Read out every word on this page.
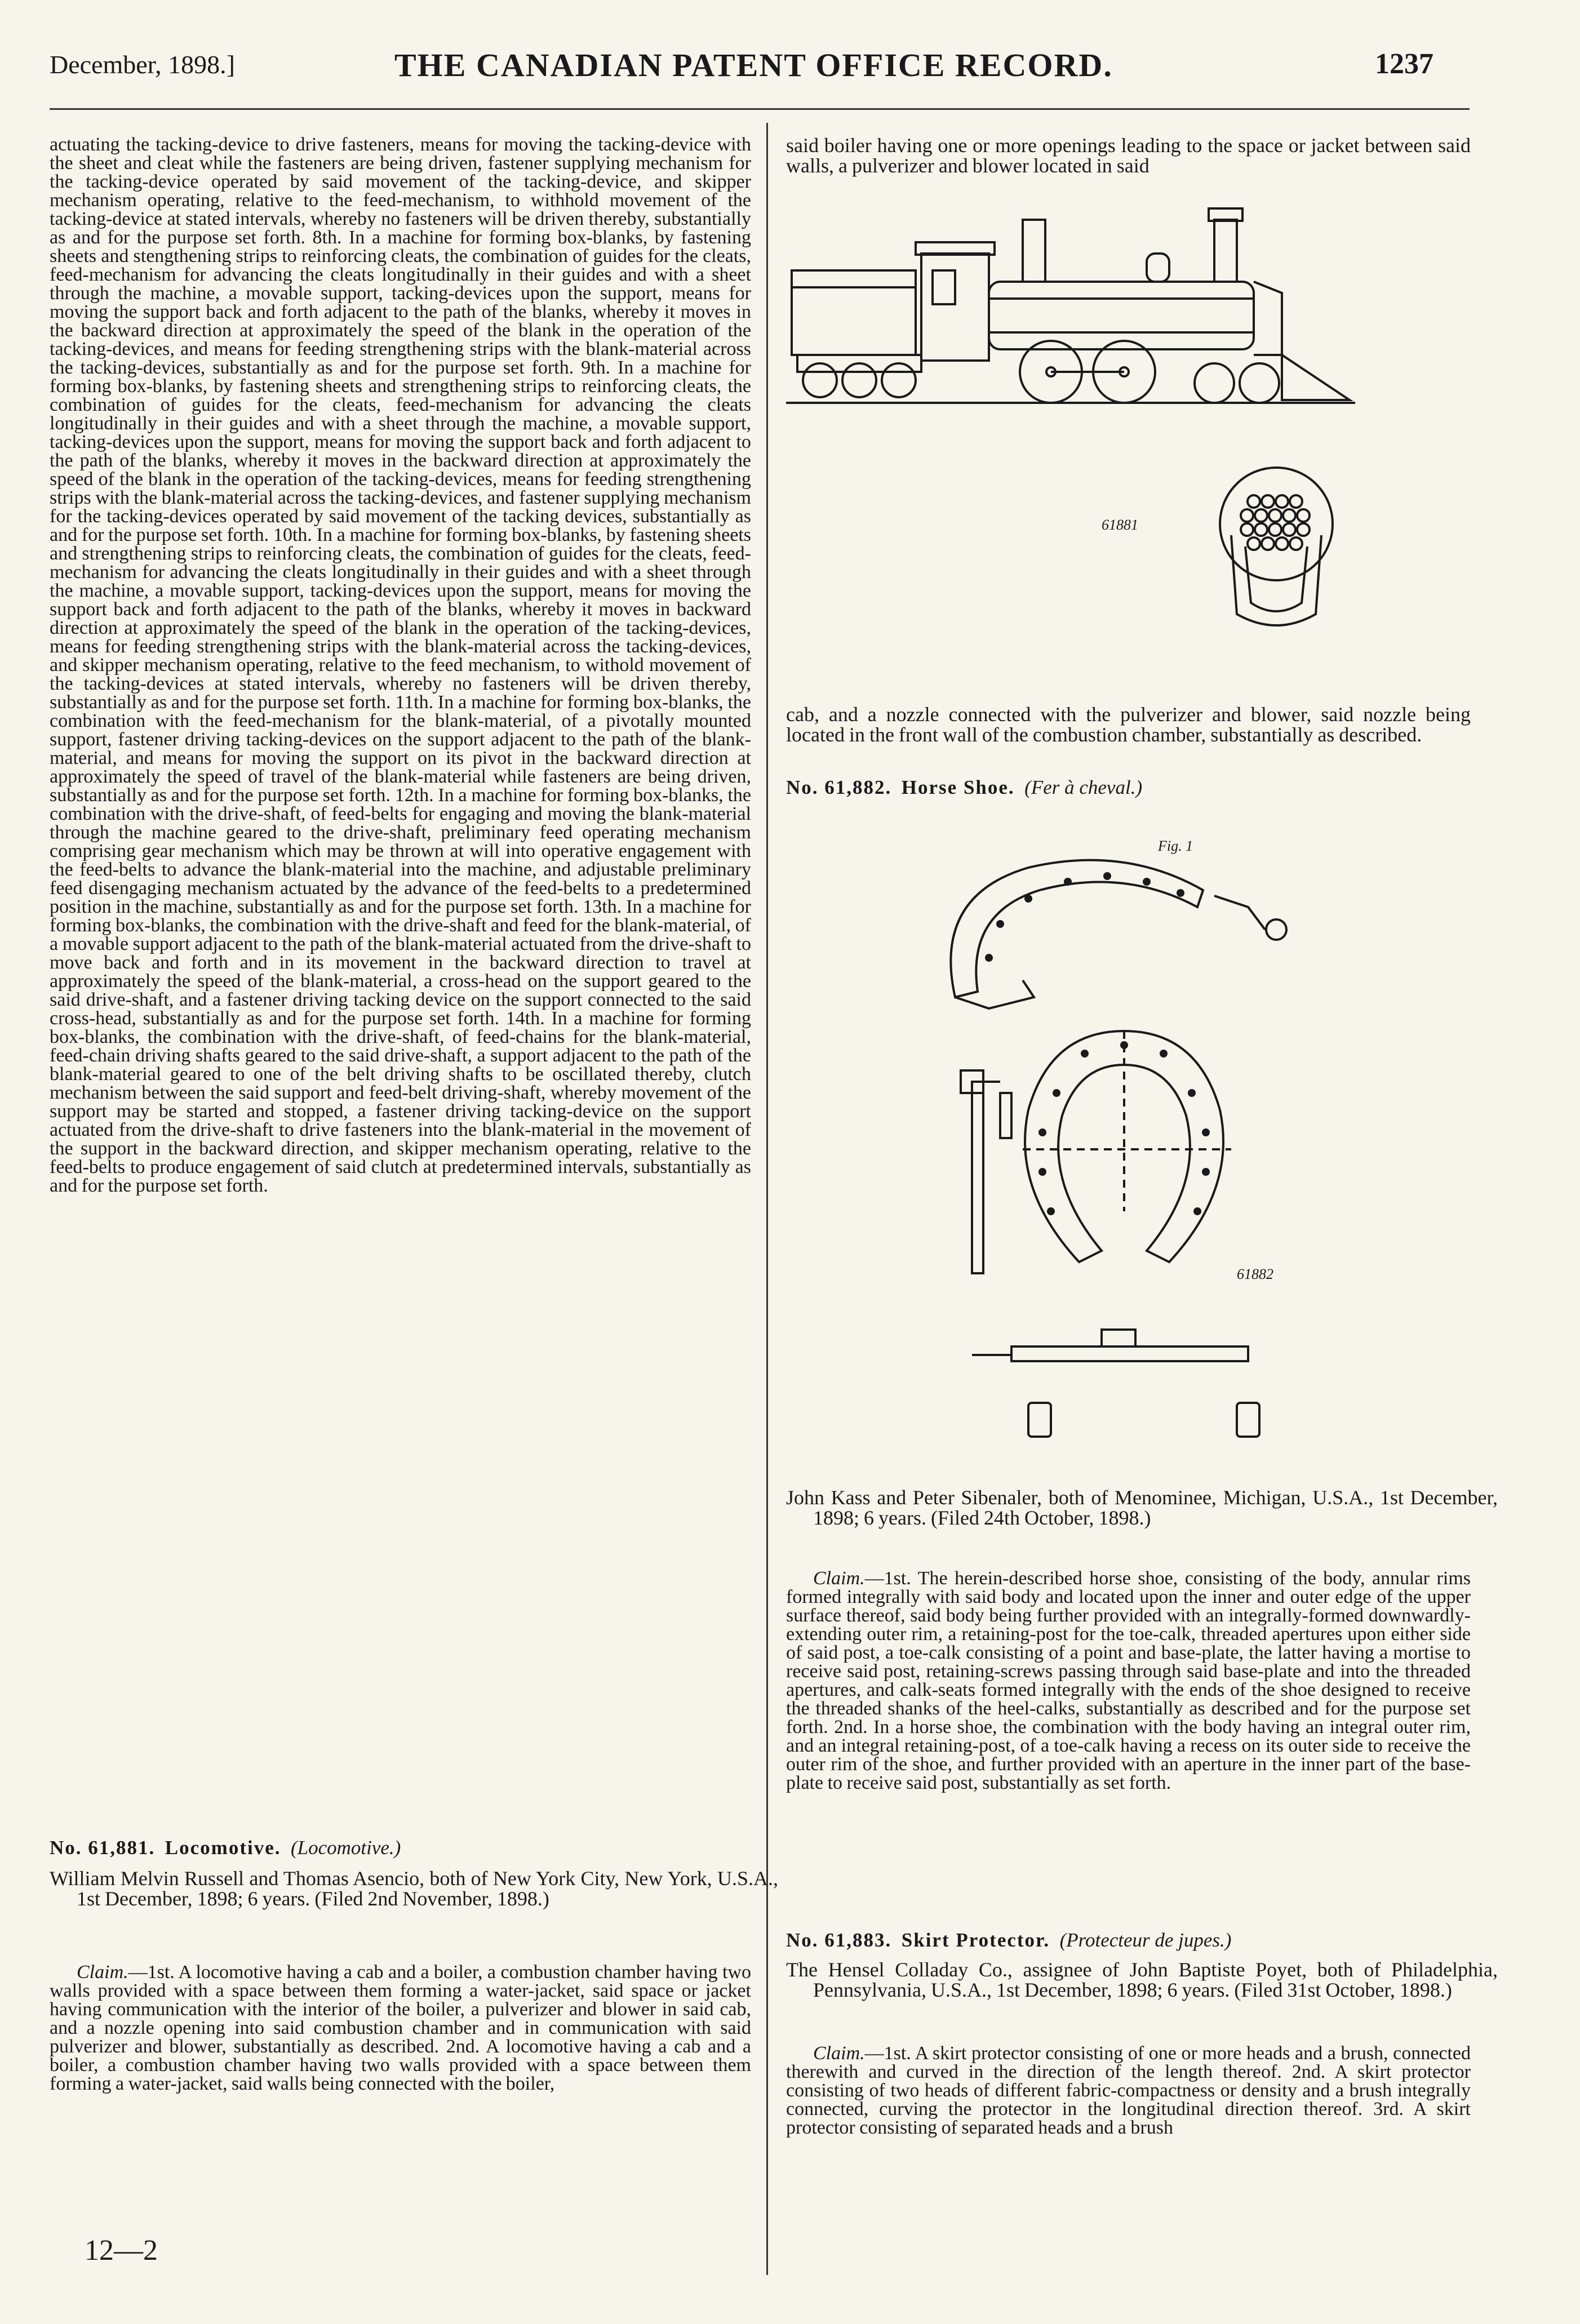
December, 1898.]	THE CANADIAN PATENT OFFICE RECORD.	1237

actuating the tacking-device to drive fasteners, means for moving the tacking-device with the sheet and cleat while the fasteners are being driven, fastener supplying mechanism for the tacking-device operated by said movement of the tacking-device, and skipper mechanism operating, relative to the feed-mechanism, to withhold movement of the tacking-device at stated intervals, whereby no fasteners will be driven thereby, substantially as and for the purpose set forth. 8th. In a machine for forming box-blanks, by fastening sheets and stengthening strips to reinforcing cleats, the combination of guides for the cleats, feed-mechanism for advancing the cleats longitudinally in their guides and with a sheet through the machine, a movable support, tacking-devices upon the support, means for moving the support back and forth adjacent to the path of the blanks, whereby it moves in the backward direction at approximately the speed of the blank in the operation of the tacking-devices, and means for feeding strengthening strips with the blank-material across the tacking-devices, substantially as and for the purpose set forth. 9th. In a machine for forming box-blanks, by fastening sheets and strengthening strips to reinforcing cleats, the combination of guides for the cleats, feed-mechanism for advancing the cleats longitudinally in their guides and with a sheet through the machine, a movable support, tacking-devices upon the support, means for moving the support back and forth adjacent to the path of the blanks, whereby it moves in the backward direction at approximately the speed of the blank in the operation of the tacking-devices, means for feeding strengthening strips with the blank-material across the tacking-devices, and fastener supplying mechanism for the tacking-devices operated by said movement of the tacking devices, substantially as and for the purpose set forth. 10th. In a machine for forming box-blanks, by fastening sheets and strengthening strips to reinforcing cleats, the combination of guides for the cleats, feed-mechanism for advancing the cleats longitudinally in their guides and with a sheet through the machine, a movable support, tacking-devices upon the support, means for moving the support back and forth adjacent to the path of the blanks, whereby it moves in backward direction at approximately the speed of the blank in the operation of the tacking-devices, means for feeding strengthening strips with the blank-material across the tacking-devices, and skipper mechanism operating, relative to the feed mechanism, to withold movement of the tacking-devices at stated intervals, whereby no fasteners will be driven thereby, substantially as and for the purpose set forth. 11th. In a machine for forming box-blanks, the combination with the feed-mechanism for the blank-material, of a pivotally mounted support, fastener driving tacking-devices on the support adjacent to the path of the blank-material, and means for moving the support on its pivot in the backward direction at approximately the speed of travel of the blank-material while fasteners are being driven, substantially as and for the purpose set forth. 12th. In a machine for forming box-blanks, the combination with the drive-shaft, of feed-belts for engaging and moving the blank-material through the machine geared to the drive-shaft, preliminary feed operating mechanism comprising gear mechanism which may be thrown at will into operative engagement with the feed-belts to advance the blank-material into the machine, and adjustable preliminary feed disengaging mechanism actuated by the advance of the feed-belts to a predetermined position in the machine, substantially as and for the purpose set forth. 13th. In a machine for forming box-blanks, the combination with the drive-shaft and feed for the blank-material, of a movable support adjacent to the path of the blank-material actuated from the drive-shaft to move back and forth and in its movement in the backward direction to travel at approximately the speed of the blank-material, a cross-head on the support geared to the said drive-shaft, and a fastener driving tacking device on the support connected to the said cross-head, substantially as and for the purpose set forth. 14th. In a machine for forming box-blanks, the combination with the drive-shaft, of feed-chains for the blank-material, feed-chain driving shafts geared to the said drive-shaft, a support adjacent to the path of the blank-material geared to one of the belt driving shafts to be oscillated thereby, clutch mechanism between the said support and feed-belt driving-shaft, whereby movement of the support may be started and stopped, a fastener driving tacking-device on the support actuated from the drive-shaft to drive fasteners into the blank-material in the movement of the support in the backward direction, and skipper mechanism operating, relative to the feed-belts to produce engagement of said clutch at predetermined intervals, substantially as and for the purpose set forth.

No. 61,881. Locomotive. (Locomotive.)
William Melvin Russell and Thomas Asencio, both of New York City, New York, U.S.A., 1st December, 1898; 6 years. (Filed 2nd November, 1898.)

Claim.—1st. A locomotive having a cab and a boiler, a combustion chamber having two walls provided with a space between them forming a water-jacket, said space or jacket having communication with the interior of the boiler, a pulverizer and blower in said cab, and a nozzle opening into said combustion chamber and in communication with said pulverizer and blower, substantially as described. 2nd. A locomotive having a cab and a boiler, a combustion chamber having two walls provided with a space between them forming a water-jacket, said walls being connected with the boiler,

said boiler having one or more openings leading to the space or jacket between said walls, a pulverizer and blower located in said
61881
cab, and a nozzle connected with the pulverizer and blower, said nozzle being located in the front wall of the combustion chamber, substantially as described.
No. 61,882. Horse Shoe. (Fer à cheval.)
Fig. 1
61882
John Kass and Peter Sibenaler, both of Menominee, Michigan, U.S.A., 1st December, 1898; 6 years. (Filed 24th October, 1898.)

Claim.—1st. The herein-described horse shoe, consisting of the body, annular rims formed integrally with said body and located upon the inner and outer edge of the upper surface thereof, said body being further provided with an integrally-formed downwardly-extending outer rim, a retaining-post for the toe-calk, threaded apertures upon either side of said post, a toe-calk consisting of a point and base-plate, the latter having a mortise to receive said post, retaining-screws passing through said base-plate and into the threaded apertures, and calk-seats formed integrally with the ends of the shoe designed to receive the threaded shanks of the heel-calks, substantially as described and for the purpose set forth. 2nd. In a horse shoe, the combination with the body having an integral outer rim, and an integral retaining-post, of a toe-calk having a recess on its outer side to receive the outer rim of the shoe, and further provided with an aperture in the inner part of the base-plate to receive said post, substantially as set forth.

No. 61,883. Skirt Protector. (Protecteur de jupes.)
The Hensel Colladay Co., assignee of John Baptiste Poyet, both of Philadelphia, Pennsylvania, U.S.A., 1st December, 1898; 6 years. (Filed 31st October, 1898.)

Claim.—1st. A skirt protector consisting of one or more heads and a brush, connected therewith and curved in the direction of the length thereof. 2nd. A skirt protector consisting of two heads of different fabric-compactness or density and a brush integrally connected, curving the protector in the longitudinal direction thereof. 3rd. A skirt protector consisting of separated heads and a brush

12—2
